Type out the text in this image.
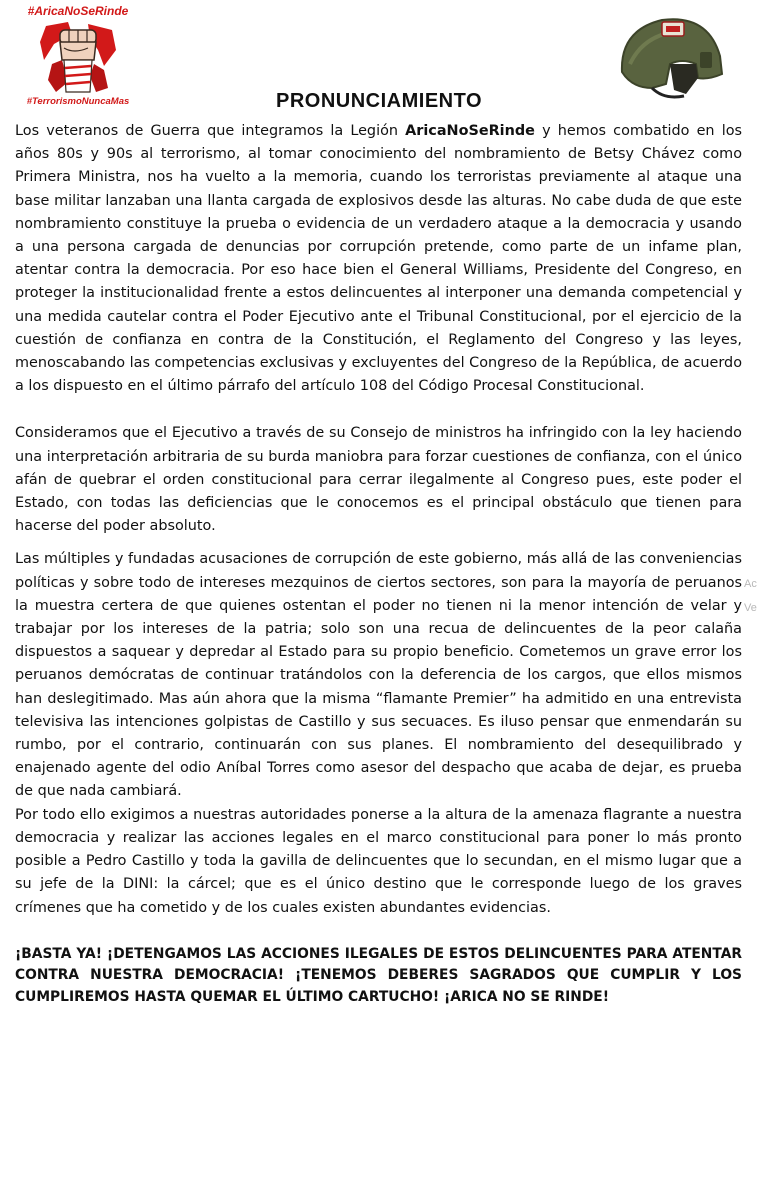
#AricaNoSeRinde
#TerrorismoNuncaMas	PRONUNCIAMIENTO

Los veteranos de Guerra que integramos la Legión AricaNoSeRinde y hemos combatido en los años 80s y 90s al terrorismo, al tomar conocimiento del nombramiento de Betsy Chávez como Primera Ministra, nos ha vuelto a la memoria, cuando los terroristas previamente al ataque una base militar lanzaban una llanta cargada de explosivos desde las alturas. No cabe duda de que este nombramiento constituye la prueba o evidencia de un verdadero ataque a la democracia y usando a una persona cargada de denuncias por corrupción pretende, como parte de un infame plan, atentar contra la democracia. Por eso hace bien el General Williams, Presidente del Congreso, en proteger la institucionalidad frente a estos delincuentes al interponer una demanda competencial y una medida cautelar contra el Poder Ejecutivo ante el Tribunal Constitucional, por el ejercicio de la cuestión de confianza en contra de la Constitución, el Reglamento del Congreso y las leyes, menoscabando las competencias exclusivas y excluyentes del Congreso de la República, de acuerdo a los dispuesto en el último párrafo del artículo 108 del Código Procesal Constitucional.

Consideramos que el Ejecutivo a través de su Consejo de ministros ha infringido con la ley haciendo una interpretación arbitraria de su burda maniobra para forzar cuestiones de confianza, con el único afán de quebrar el orden constitucional para cerrar ilegalmente al Congreso pues, este poder el Estado, con todas las deficiencias que le conocemos es el principal obstáculo que tienen para hacerse del poder absoluto.

Las múltiples y fundadas acusaciones de corrupción de este gobierno, más allá de las conveniencias políticas y sobre todo de intereses mezquinos de ciertos sectores, son para la mayoría de peruanos la muestra certera de que quienes ostentan el poder no tienen ni la menor intención de velar y trabajar por los intereses de la patria; solo son una recua de delincuentes de la peor calaña dispuestos a saquear y depredar al Estado para su propio beneficio. Cometemos un grave error los peruanos demócratas de continuar tratándolos con la deferencia de los cargos, que ellos mismos han deslegitimado. Mas aún ahora que la misma “flamante Premier” ha admitido en una entrevista televisiva las intenciones golpistas de Castillo y sus secuaces. Es iluso pensar que enmendarán su rumbo, por el contrario, continuarán con sus planes. El nombramiento del desequilibrado y enajenado agente del odio Aníbal Torres como asesor del despacho que acaba de dejar, es prueba de que nada cambiará.

Por todo ello exigimos a nuestras autoridades ponerse a la altura de la amenaza flagrante a nuestra democracia y realizar las acciones legales en el marco constitucional para poner lo más pronto posible a Pedro Castillo y toda la gavilla de delincuentes que lo secundan, en el mismo lugar que a su jefe de la DINI: la cárcel; que es el único destino que le corresponde luego de los graves crímenes que ha cometido y de los cuales existen abundantes evidencias.

¡BASTA YA! ¡DETENGAMOS LAS ACCIONES ILEGALES DE ESTOS DELINCUENTES PARA ATENTAR CONTRA NUESTRA DEMOCRACIA! ¡TENEMOS DEBERES SAGRADOS QUE CUMPLIR Y LOS CUMPLIREMOS HASTA QUEMAR EL ÚLTIMO CARTUCHO! ¡ARICA NO SE RINDE!

Ac
Ve
